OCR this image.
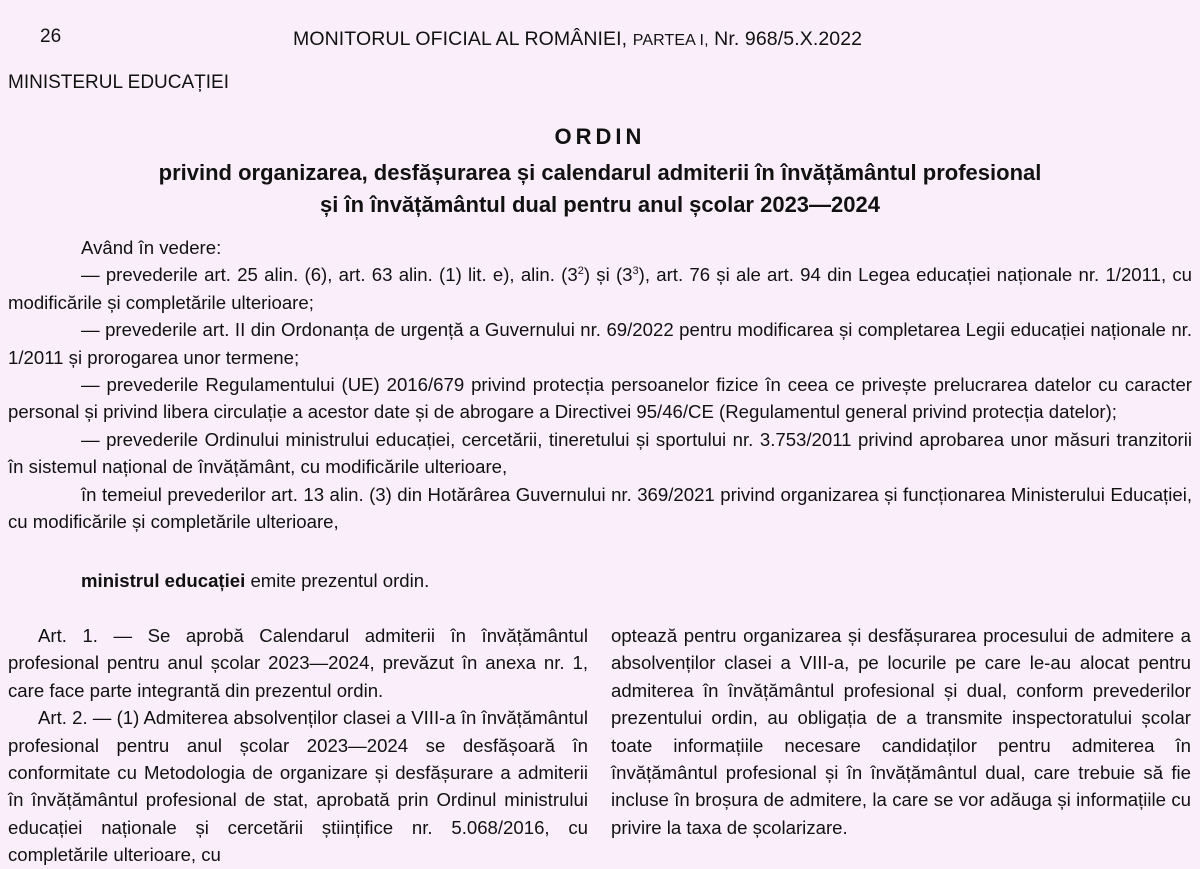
26	MONITORUL OFICIAL AL ROMÂNIEI, PARTEA I, Nr. 968/5.X.2022
MINISTERUL EDUCAȚIEI
ORDIN
privind organizarea, desfășurarea și calendarul admiterii în învățământul profesional
și în învățământul dual pentru anul școlar 2023—2024

Având în vedere:

— prevederile art. 25 alin. (6), art. 63 alin. (1) lit. e), alin. $(3^2)$ și $(3^3)$, art. 76 și ale art. 94 din Legea educației naționale nr. 1/2011, cu modificările și completările ulterioare;

— prevederile art. II din Ordonanța de urgență a Guvernului nr. 69/2022 pentru modificarea și completarea Legii educației naționale nr. 1/2011 și prorogarea unor termene;

— prevederile Regulamentului (UE) 2016/679 privind protecția persoanelor fizice în ceea ce privește prelucrarea datelor cu caracter personal și privind libera circulație a acestor date și de abrogare a Directivei 95/46/CE (Regulamentul general privind protecția datelor);

— prevederile Ordinului ministrului educației, cercetării, tineretului și sportului nr. 3.753/2011 privind aprobarea unor măsuri tranzitorii în sistemul național de învățământ, cu modificările ulterioare,

în temeiul prevederilor art. 13 alin. (3) din Hotărârea Guvernului nr. 369/2021 privind organizarea și funcționarea Ministerului Educației, cu modificările și completările ulterioare,

ministrul educației emite prezentul ordin.

Art. 1. — Se aprobă Calendarul admiterii în învățământul profesional pentru anul școlar 2023—2024, prevăzut în anexa nr. 1, care face parte integrantă din prezentul ordin.

Art. 2. — (1) Admiterea absolvenților clasei a VIII-a în învățământul profesional pentru anul școlar 2023—2024 se desfășoară în conformitate cu Metodologia de organizare și desfășurare a admiterii în învățământul profesional de stat, aprobată prin Ordinul ministrului educației naționale și cercetării științifice nr. 5.068/2016, cu completările ulterioare, cu

optează pentru organizarea și desfășurarea procesului de admitere a absolvenților clasei a VIII-a, pe locurile pe care le-au alocat pentru admiterea în învățământul profesional și dual, conform prevederilor prezentului ordin, au obligația de a transmite inspectoratului școlar toate informațiile necesare candidaților pentru admiterea în învățământul profesional și în învățământul dual, care trebuie să fie incluse în broșura de admitere, la care se vor adăuga și informațiile cu privire la taxa de școlarizare.
